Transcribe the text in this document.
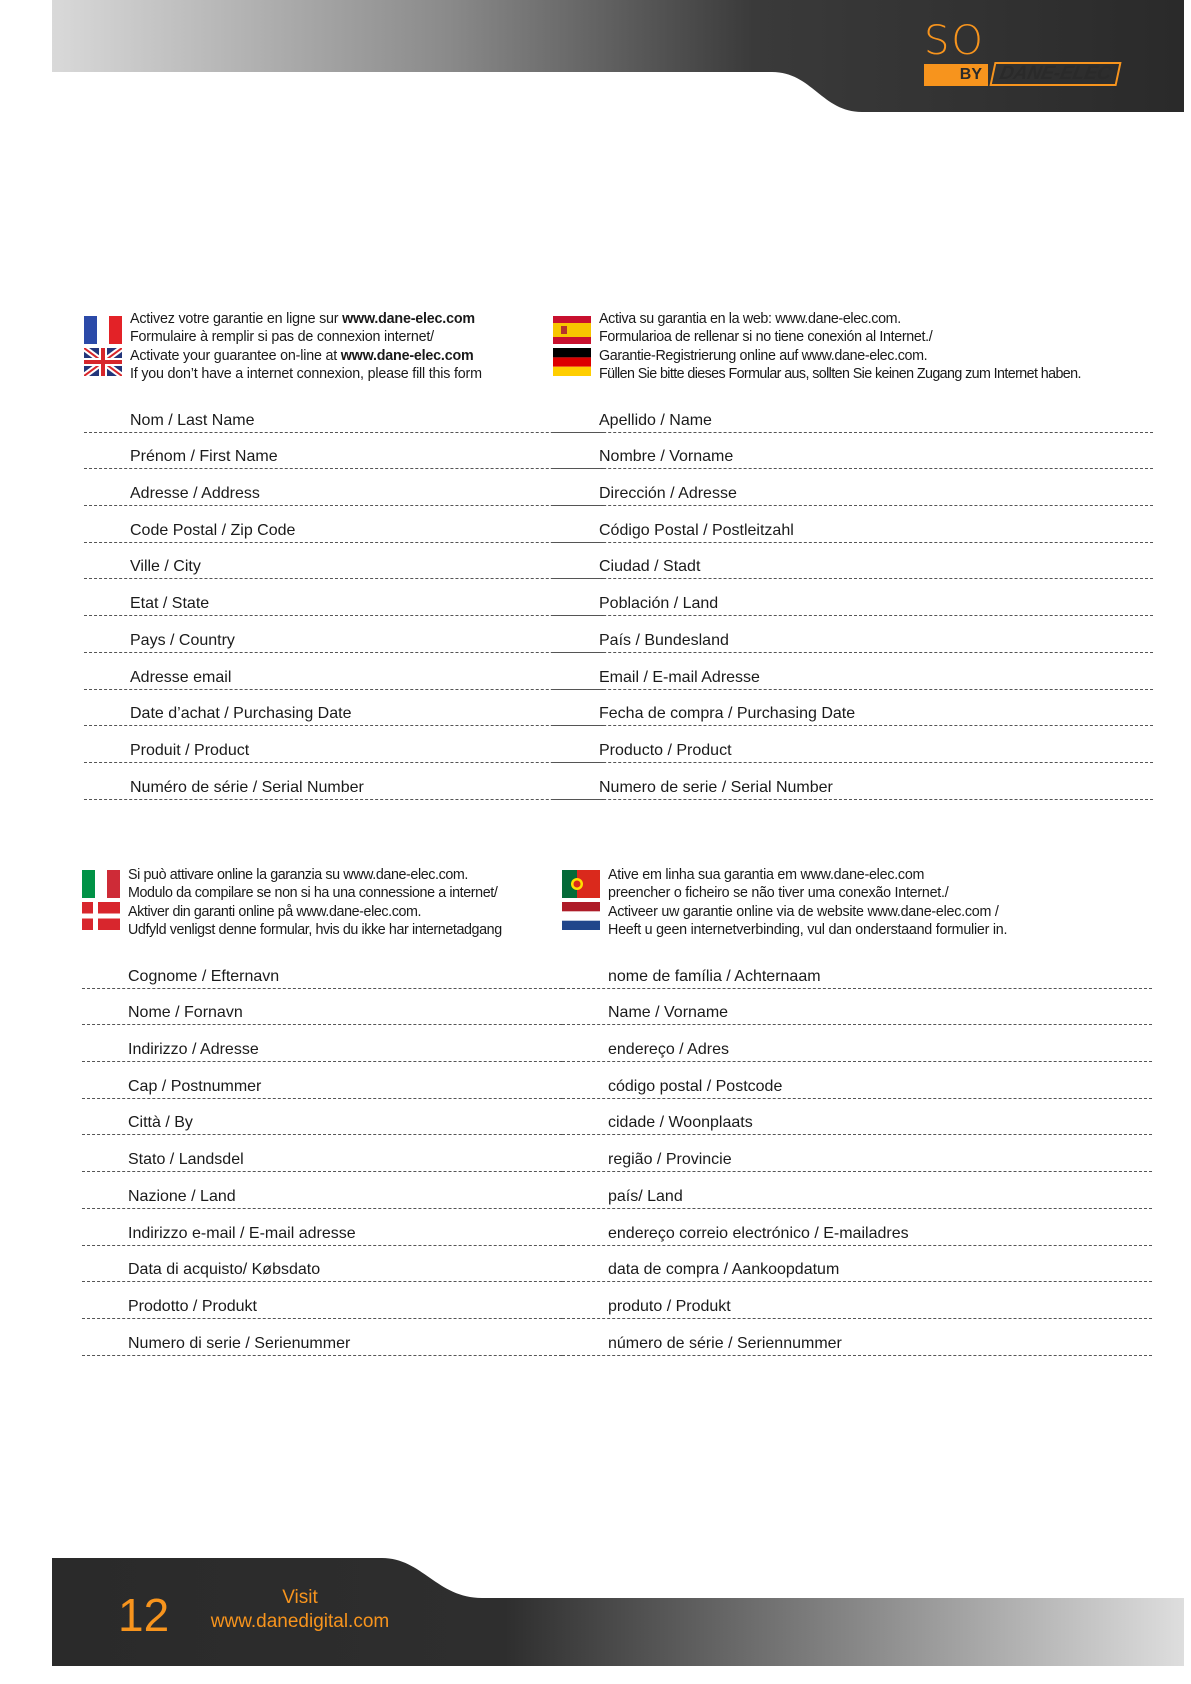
SO
BY DANE-ELEC
Activez votre garantie en ligne sur www.dane-elec.com
Formulaire à remplir si pas de connexion internet/
Activate your guarantee on-line at www.dane-elec.com
If you don’t have a internet connexion, please fill this form
Nom / Last Name
Prénom / First Name
Adresse / Address
Code Postal / Zip Code
Ville / City
Etat / State
Pays / Country
Adresse email
Date d’achat / Purchasing Date
Produit / Product
Numéro de série / Serial Number
Activa su garantia en la web: www.dane-elec.com.
Formularioa de rellenar si no tiene conexión al Internet./
Garantie-Registrierung online auf www.dane-elec.com.
Füllen Sie bitte dieses Formular aus, sollten Sie keinen Zugang zum Internet haben.
Apellido / Name
Nombre / Vorname
Dirección / Adresse
Código Postal / Postleitzahl
Ciudad / Stadt
Población / Land
País / Bundesland
Email / E-mail Adresse
Fecha de compra / Purchasing Date
Producto / Product
Numero de serie / Serial Number
Si può attivare online la garanzia su www.dane-elec.com.
Modulo da compilare se non si ha una connessione a internet/
Aktiver din garanti online på www.dane-elec.com.
Udfyld venligst denne formular, hvis du ikke har internetadgang
Cognome / Efternavn
Nome / Fornavn
Indirizzo / Adresse
Cap / Postnummer
Città / By
Stato / Landsdel
Nazione / Land
Indirizzo e-mail / E-mail adresse
Data di acquisto/ Købsdato
Prodotto / Produkt
Numero di serie / Serienummer
Ative em linha sua garantia em www.dane-elec.com
preencher o ficheiro se não tiver uma conexão Internet./
Activeer uw garantie online via de website www.dane-elec.com /
Heeft u geen internetverbinding, vul dan onderstaand formulier in.
nome de família / Achternaam
Name / Vorname
endereço / Adres
código postal / Postcode
cidade / Woonplaats
região / Provincie
país/ Land
endereço correio electrónico / E-mailadres
data de compra / Aankoopdatum
produto / Produkt
número de série / Seriennummer
12	Visit
www.danedigital.com
